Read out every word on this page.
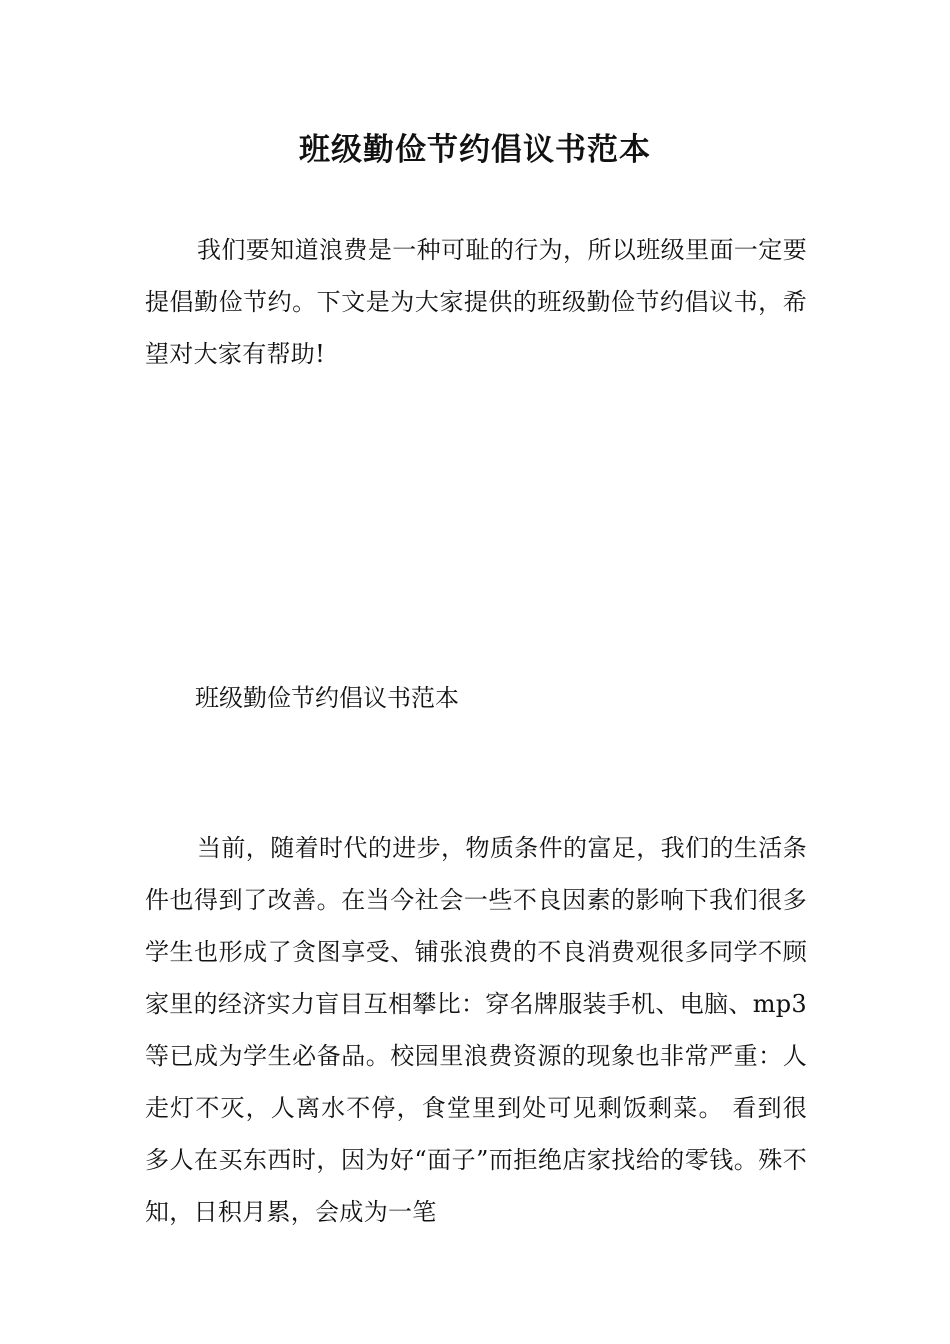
班级勤俭节约倡议书范本

我们要知道浪费是一种可耻的行为，所以班级里面一定要提倡勤俭节约。下文是为大家提供的班级勤俭节约倡议书，希望对大家有帮助!

班级勤俭节约倡议书范本

当前，随着时代的进步，物质条件的富足，我们的生活条件也得到了改善。在当今社会一些不良因素的影响下我们很多学生也形成了贪图享受、铺张浪费的不良消费观很多同学不顾家里的经济实力盲目互相攀比：穿名牌服装手机、电脑、mp3等已成为学生必备品。校园里浪费资源的现象也非常严重：人走灯不灭，人离水不停，食堂里到处可见剩饭剩菜。 看到很多人在买东西时，因为好“面子”而拒绝店家找给的零钱。殊不知，日积月累，会成为一笔
